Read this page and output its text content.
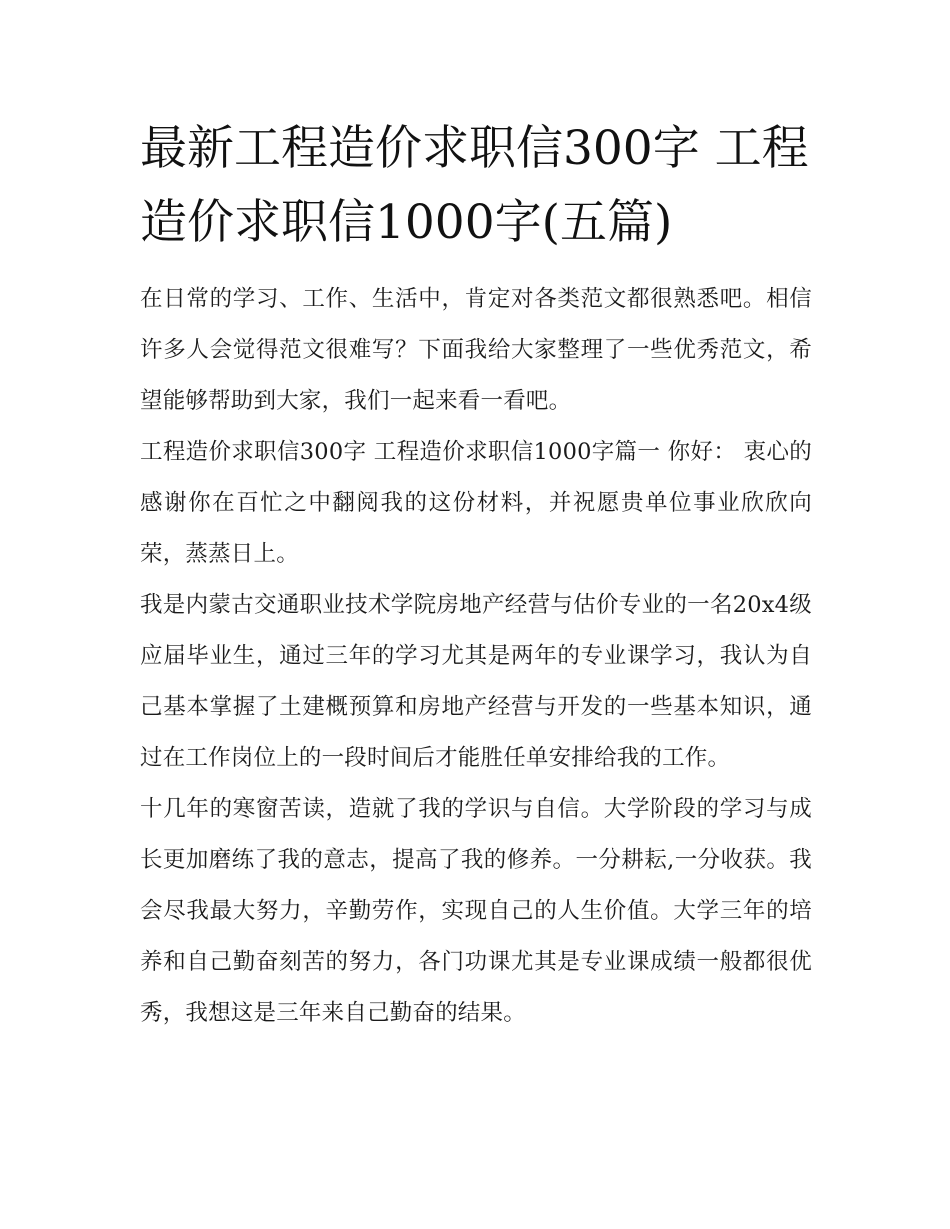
最新工程造价求职信300字 工程造价求职信1000字(五篇)

在日常的学习、工作、生活中，肯定对各类范文都很熟悉吧。相信许多人会觉得范文很难写？下面我给大家整理了一些优秀范文，希望能够帮助到大家，我们一起来看一看吧。

工程造价求职信300字 工程造价求职信1000字篇一 你好： 衷心的感谢你在百忙之中翻阅我的这份材料，并祝愿贵单位事业欣欣向荣，蒸蒸日上。

我是内蒙古交通职业技术学院房地产经营与估价专业的一名20x4级应届毕业生，通过三年的学习尤其是两年的专业课学习，我认为自己基本掌握了土建概预算和房地产经营与开发的一些基本知识，通过在工作岗位上的一段时间后才能胜任单安排给我的工作。

十几年的寒窗苦读，造就了我的学识与自信。大学阶段的学习与成长更加磨练了我的意志，提高了我的修养。一分耕耘,一分收获。我会尽我最大努力，辛勤劳作，实现自己的人生价值。大学三年的培养和自己勤奋刻苦的努力，各门功课尤其是专业课成绩一般都很优秀，我想这是三年来自己勤奋的结果。
